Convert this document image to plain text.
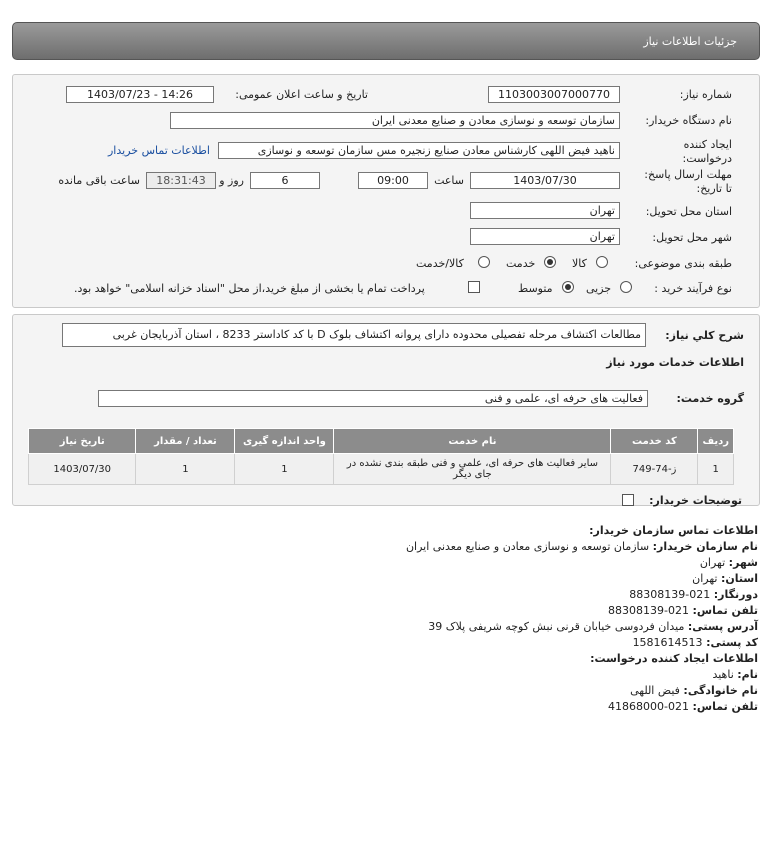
جزئیات اطلاعات نیاز
شماره نیاز:
1103003007000770
تاریخ و ساعت اعلان عمومی:
1403/07/23 - 14:26
نام دستگاه خریدار:
سازمان توسعه و نوسازی معادن و صنایع معدنی ایران
ایجاد کننده
درخواست:
ناهید فیض اللهی کارشناس معادن صنایع زنجیره مس سازمان توسعه و نوسازی
اطلاعات تماس خریدار
مهلت ارسال پاسخ:
تا تاریخ:
1403/07/30
ساعت
09:00
6
روز و
18:31:43
ساعت باقی مانده
استان محل تحویل:
تهران
شهر محل تحویل:
تهران
طبقه بندی موضوعی:
کالا
خدمت
کالا/خدمت
نوع فرآیند خرید :
جزیی
متوسط
پرداخت تمام یا بخشی از مبلغ خرید،از محل "اسناد خزانه اسلامی" خواهد بود.
شرح کلي نياز:
مطالعات اکتشاف مرحله تفصیلی محدوده دارای پروانه اکتشاف بلوک D با کد کاداستر 8233 ، استان آذربایجان غربی
اطلاعات خدمات مورد نیاز
گروه خدمت:
فعالیت های حرفه ای، علمی و فنی
ردیف	کد خدمت	نام خدمت	واحد اندازه گیری	تعداد / مقدار	تاریخ نیاز
1	ز-74-749	سایر فعالیت های حرفه ای، علمی و فنی طبقه بندی نشده در جای دیگر	1	1	1403/07/30
توضیحات خریدار:
اطلاعات تماس سازمان خریدار:
نام سازمان خریدار: سازمان توسعه و نوسازی معادن و صنایع معدنی ایران
شهر: تهران
استان: تهران
دورنگار: 021-88308139
تلفن تماس: 021-88308139
آدرس پستی: میدان فردوسی خیابان قرنی نبش کوچه شریفی پلاک 39
کد پستی: 1581614513
اطلاعات ایجاد کننده درخواست:
نام: ناهید
نام خانوادگی: فیض اللهی
تلفن تماس: 021-41868000
